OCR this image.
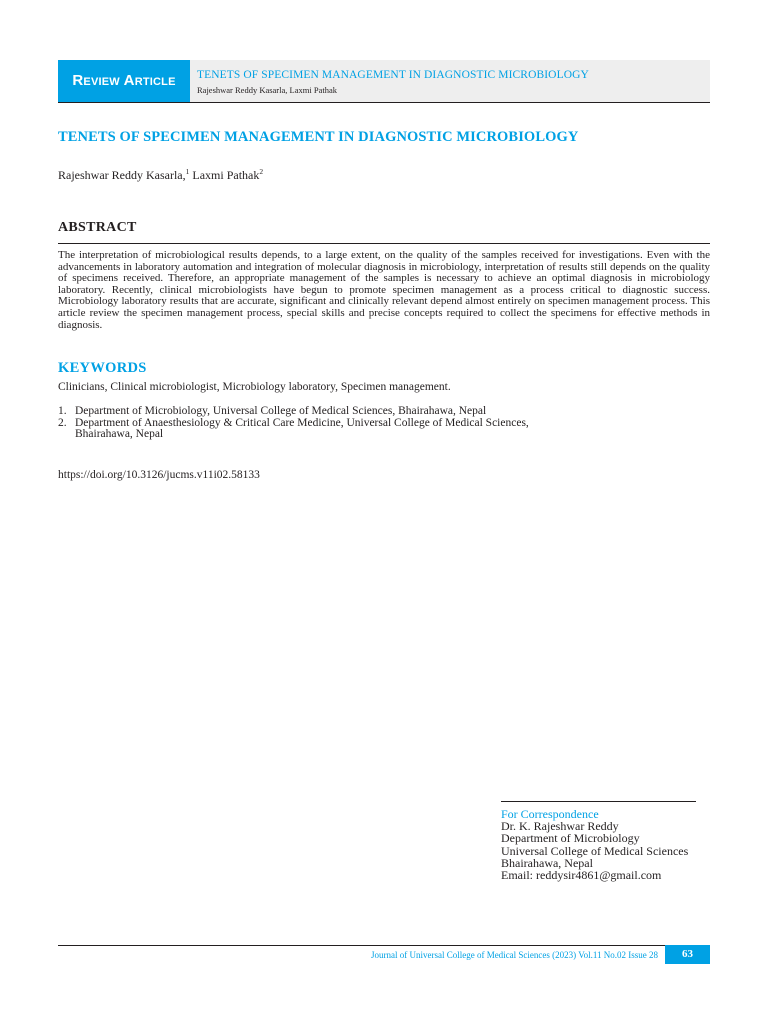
Review Article	TENETS OF SPECIMEN MANAGEMENT IN DIAGNOSTIC MICROBIOLOGY
Rajeshwar Reddy Kasarla, Laxmi Pathak
TENETS OF SPECIMEN MANAGEMENT IN DIAGNOSTIC MICROBIOLOGY
Rajeshwar Reddy Kasarla,$^1$ Laxmi Pathak$^2$
ABSTRACT
The interpretation of microbiological results depends, to a large extent, on the quality of the samples received for investigations. Even with the advancements in laboratory automation and integration of molecular diagnosis in microbiology, interpretation of results still depends on the quality of specimens received. Therefore, an appropriate management of the samples is necessary to achieve an optimal diagnosis in microbiology laboratory. Recently, clinical microbiologists have begun to promote specimen management as a process critical to diagnostic success. Microbiology laboratory results that are accurate, significant and clinically relevant depend almost entirely on specimen management process. This article review the specimen management process, special skills and precise concepts required to collect the specimens for effective methods in diagnosis.
KEYWORDS
Clinicians, Clinical microbiologist, Microbiology laboratory, Specimen management.
1. Department of Microbiology, Universal College of Medical Sciences, Bhairahawa, Nepal
2. Department of Anaesthesiology & Critical Care Medicine, Universal College of Medical Sciences, Bhairahawa, Nepal
https://doi.org/10.3126/jucms.v11i02.58133
For Correspondence
Dr. K. Rajeshwar Reddy
Department of Microbiology
Universal College of Medical Sciences
Bhairahawa, Nepal
Email: reddysir4861@gmail.com
Journal of Universal College of Medical Sciences (2023) Vol.11 No.02 Issue 28	63
